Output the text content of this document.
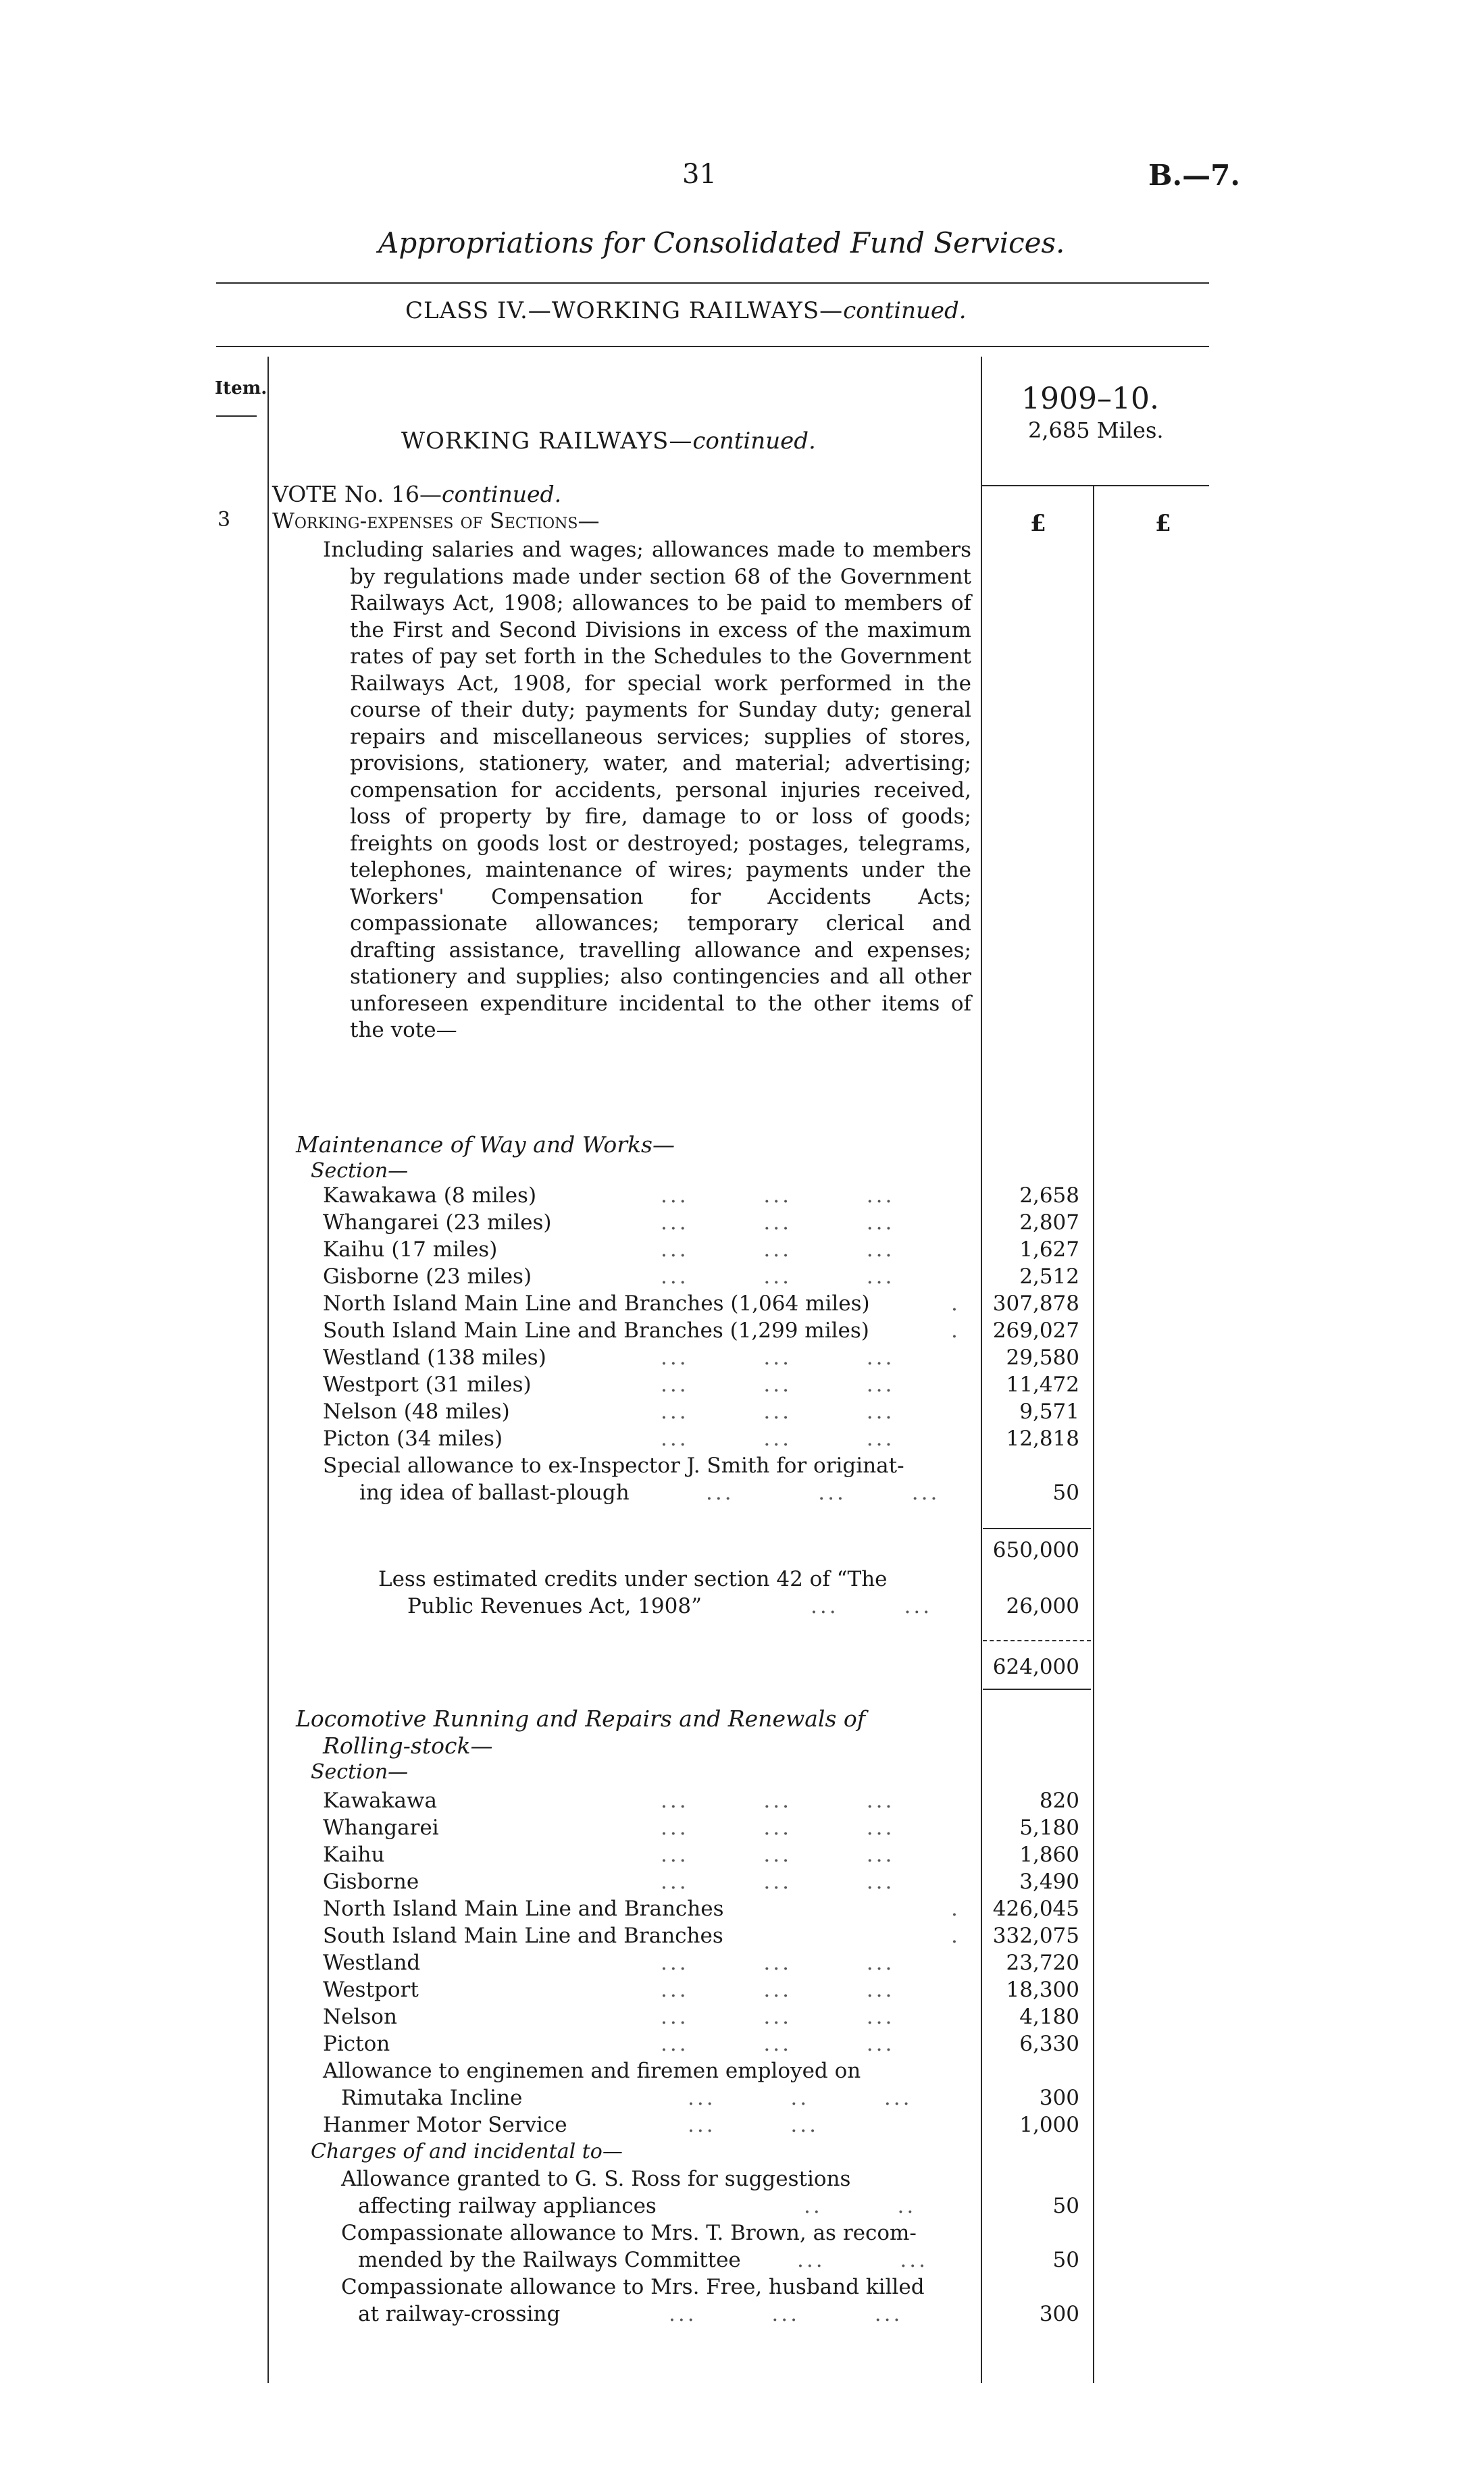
31	B.—7.
Appropriations for Consolidated Fund Services.
CLASS IV.—WORKING RAILWAYS—continued.
Item.	1909–10.
2,685 Miles.
WORKING RAILWAYS—continued.
VOTE No. 16—continued.
3 Working-expenses of Sections—	£	£
Including salaries and wages; allowances made to members by regulations made under section 68 of the Government Railways Act, 1908; allowances to be paid to members of the First and Second Divisions in excess of the maximum rates of pay set forth in the Schedules to the Government Railways Act, 1908, for special work performed in the course of their duty; payments for Sunday duty; general repairs and miscellaneous services; supplies of stores, provisions, stationery, water, and material; advertising; compensation for accidents, personal injuries received, loss of property by fire, damage to or loss of goods; freights on goods lost or destroyed; postages, telegrams, telephones, maintenance of wires; payments under the Workers' Compensation for Accidents Acts; compassionate allowances; temporary clerical and drafting assistance, travelling allowance and expenses; stationery and supplies; also contingencies and all other unforeseen expenditure incidental to the other items of the vote—
Maintenance of Way and Works—
Section—
Kawakawa (8 miles)	...        ...        ...	2,658
Whangarei (23 miles)	...        ...        ...	2,807
Kaihu (17 miles)	...        ...        ...	1,627
Gisborne (23 miles)	...        ...        ...	2,512
North Island Main Line and Branches (1,064 miles)	.	307,878
South Island Main Line and Branches (1,299 miles)	.	269,027
Westland (138 miles)	...        ...        ...	29,580
Westport (31 miles)	...        ...        ...	11,472
Nelson (48 miles)	...        ...        ...	9,571
Picton (34 miles)	...        ...        ...	12,818
Special allowance to ex-Inspector J. Smith for originat-
ing idea of ballast-plough	...         ...       ...	50
650,000
Less estimated credits under section 42 of “The
Public Revenues Act, 1908”	...       ...	26,000
624,000
Locomotive Running and Repairs and Renewals of
Rolling-stock—
Section—
Kawakawa	...        ...        ...	820
Whangarei	...        ...        ...	5,180
Kaihu	...        ...        ...	1,860
Gisborne	...        ...        ...	3,490
North Island Main Line and Branches	.	426,045
South Island Main Line and Branches	.	332,075
Westland	...        ...        ...	23,720
Westport	...        ...        ...	18,300
Nelson	...        ...        ...	4,180
Picton	...        ...        ...	6,330
Allowance to enginemen and firemen employed on
Rimutaka Incline	...        ..        ...	300
Hanmer Motor Service	...        ...	1,000
Charges of and incidental to—
Allowance granted to G. S. Ross for suggestions
affecting railway appliances	..        ..	50
Compassionate allowance to Mrs. T. Brown, as recom-
mended by the Railways Committee	...        ...	50
Compassionate allowance to Mrs. Free, husband killed
at railway-crossing	...        ...        ...	300
